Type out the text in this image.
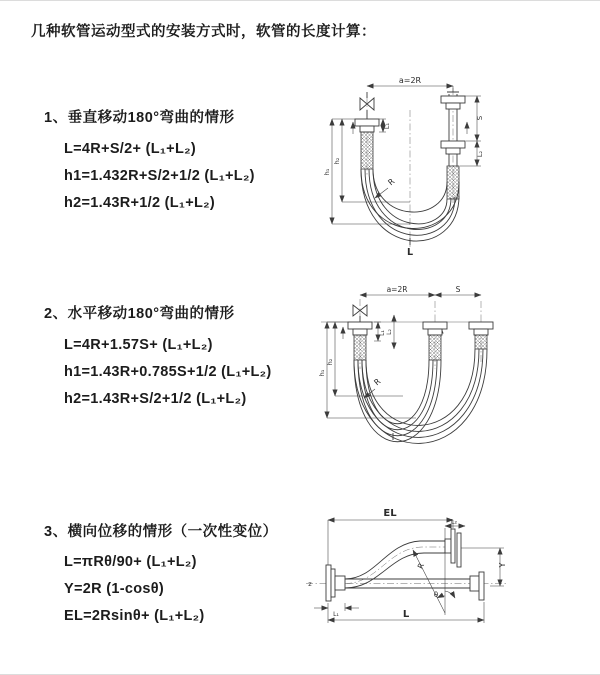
几种软管运动型式的安装方式时，软管的长度计算：
1、垂直移动180°弯曲的情形
L=4R+S/2+ (L₁+L₂)
h1=1.432R+S/2+1/2 (L₁+L₂)
h2=1.43R+1/2 (L₁+L₂)
2、水平移动180°弯曲的情形
L=4R+1.57S+ (L₁+L₂)
h1=1.43R+0.785S+1/2 (L₁+L₂)
h2=1.43R+S/2+1/2 (L₁+L₂)
3、横向位移的情形（一次性变位）
L=πRθ/90+ (L₁+L₂)
Y=2R (1-cosθ)
EL=2Rsinθ+ (L₁+L₂)
a=2R
L₁
S
L₂
h₁
h₂
R
L
a=2R	S
L₁ L₂
h₁
h₂
R
EL
L₂
Y
R
θ
L
L₁
z
